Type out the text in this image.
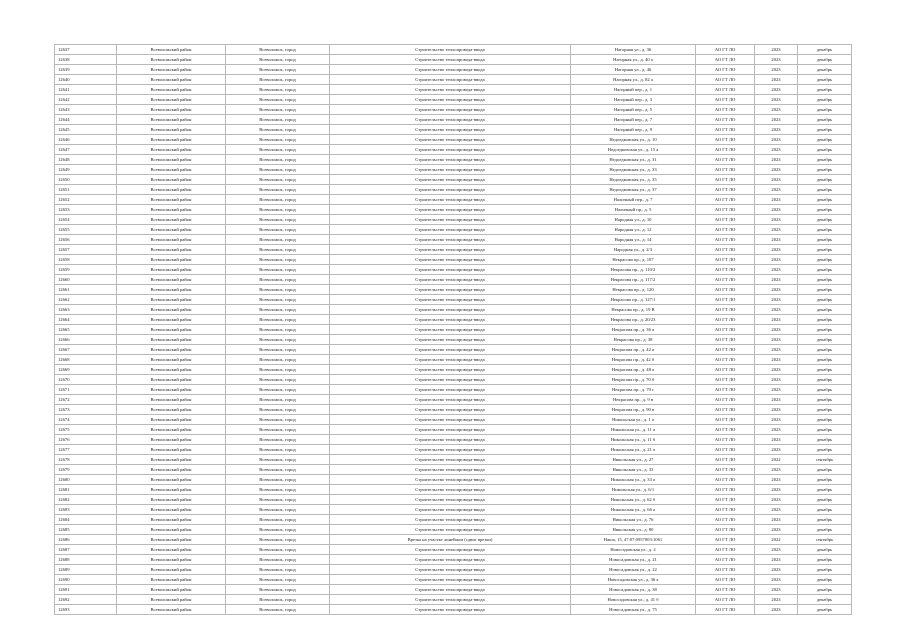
12637	Всеволожский район	Всеволожск, город	Строительство теплопровода-ввода	Нагорная ул., д. 36	АО ГТ ЛО	2023	декабрь
12638	Всеволожский район	Всеволожск, город	Строительство теплопровода-ввода	Нагорная ул., д. 40 а	АО ГТ ЛО	2023	декабрь
12639	Всеволожский район	Всеволожск, город	Строительство теплопровода-ввода	Нагорная ул., д. 46	АО ГТ ЛО	2023	декабрь
12640	Всеволожский район	Всеволожск, город	Строительство теплопровода-ввода	Нагорная ул., д. 82 а	АО ГТ ЛО	2023	декабрь
12641	Всеволожский район	Всеволожск, город	Строительство теплопровода-ввода	Нагорный пер., д. 1	АО ГТ ЛО	2023	декабрь
12642	Всеволожский район	Всеволожск, город	Строительство теплопровода-ввода	Нагорный пер., д. 3	АО ГТ ЛО	2023	декабрь
12643	Всеволожский район	Всеволожск, город	Строительство теплопровода-ввода	Нагорный пер., д. 5	АО ГТ ЛО	2023	декабрь
12644	Всеволожский район	Всеволожск, город	Строительство теплопровода-ввода	Нагорный пер., д. 7	АО ГТ ЛО	2023	декабрь
12645	Всеволожский район	Всеволожск, город	Строительство теплопровода-ввода	Нагорный пер., д. 9	АО ГТ ЛО	2023	декабрь
12646	Всеволожский район	Всеволожск, город	Строительство теплопровода-ввода	Недоедковская ул., д. 10	АО ГТ ЛО	2023	декабрь
12647	Всеволожский район	Всеволожск, город	Строительство теплопровода-ввода	Недоедковская ул., д. 15 а	АО ГТ ЛО	2023	декабрь
12648	Всеволожский район	Всеволожск, город	Строительство теплопровода-ввода	Недоедковская ул., д. 31	АО ГТ ЛО	2023	декабрь
12649	Всеволожский район	Всеволожск, город	Строительство теплопровода-ввода	Недоедковская ул., д. 33	АО ГТ ЛО	2023	декабрь
12650	Всеволожский район	Всеволожск, город	Строительство теплопровода-ввода	Недоедковская ул., д. 35	АО ГТ ЛО	2023	декабрь
12651	Всеволожский район	Всеволожск, город	Строительство теплопровода-ввода	Недоедковская ул., д. 37	АО ГТ ЛО	2023	декабрь
12652	Всеволожский район	Всеволожск, город	Строительство теплопровода-ввода	Наличный пер., д. 7	АО ГТ ЛО	2023	декабрь
12653	Всеволожский район	Всеволожск, город	Строительство теплопровода-ввода	Наличный пр., д. 5	АО ГТ ЛО	2023	декабрь
12654	Всеволожский район	Всеволожск, город	Строительство теплопровода-ввода	Народная ул., д. 10	АО ГТ ЛО	2023	декабрь
12655	Всеволожский район	Всеволожск, город	Строительство теплопровода-ввода	Народная ул., д. 12	АО ГТ ЛО	2023	декабрь
12656	Всеволожский район	Всеволожск, город	Строительство теплопровода-ввода	Народная ул., д. 14	АО ГТ ЛО	2023	декабрь
12657	Всеволожский район	Всеволожск, город	Строительство теплопровода-ввода	Народная ул., д. 2/3	АО ГТ ЛО	2023	декабрь
12658	Всеволожский район	Всеволожск, город	Строительство теплопровода-ввода	Некрасова пр., д. 107	АО ГТ ЛО	2023	декабрь
12659	Всеволожский район	Всеволожск, город	Строительство теплопровода-ввода	Некрасова пр., д. 110/2	АО ГТ ЛО	2023	декабрь
12660	Всеволожский район	Всеволожск, город	Строительство теплопровода-ввода	Некрасова пр., д. 117/2	АО ГТ ЛО	2023	декабрь
12661	Всеволожский район	Всеволожск, город	Строительство теплопровода-ввода	Некрасова пр., д. 120	АО ГТ ЛО	2023	декабрь
12662	Всеволожский район	Всеволожск, город	Строительство теплопровода-ввода	Некрасова пр., д. 127/1	АО ГТ ЛО	2023	декабрь
12663	Всеволожский район	Всеволожск, город	Строительство теплопровода-ввода	Некрасова пр., д. 19 В	АО ГТ ЛО	2023	декабрь
12664	Всеволожский район	Всеволожск, город	Строительство теплопровода-ввода	Некрасова пр., д. 20/23	АО ГТ ЛО	2023	декабрь
12665	Всеволожский район	Всеволожск, город	Строительство теплопровода-ввода	Некрасова пр., д. 36 а	АО ГТ ЛО	2023	декабрь
12666	Всеволожский район	Всеволожск, город	Строительство теплопровода-ввода	Некрасова пр., д. 38	АО ГТ ЛО	2023	декабрь
12667	Всеволожский район	Всеволожск, город	Строительство теплопровода-ввода	Некрасова пр., д. 42 а	АО ГТ ЛО	2023	декабрь
12668	Всеволожский район	Всеволожск, город	Строительство теплопровода-ввода	Некрасова пр., д. 42 б	АО ГТ ЛО	2023	декабрь
12669	Всеволожский район	Всеволожск, город	Строительство теплопровода-ввода	Некрасова пр., д. 48 а	АО ГТ ЛО	2023	декабрь
12670	Всеволожский район	Всеволожск, город	Строительство теплопровода-ввода	Некрасова пр., д. 70 б	АО ГТ ЛО	2023	декабрь
12671	Всеволожский район	Всеволожск, город	Строительство теплопровода-ввода	Некрасова пр., д. 70 г	АО ГТ ЛО	2023	декабрь
12672	Всеволожский район	Всеволожск, город	Строительство теплопровода-ввода	Некрасова пр., д. 9 в	АО ГТ ЛО	2023	декабрь
12673	Всеволожский район	Всеволожск, город	Строительство теплопровода-ввода	Некрасова пр., д. 90 в	АО ГТ ЛО	2023	декабрь
12674	Всеволожский район	Всеволожск, город	Строительство теплопровода-ввода	Никольская ул., д. 1 а	АО ГТ ЛО	2023	декабрь
12675	Всеволожский район	Всеволожск, город	Строительство теплопровода-ввода	Никольская ул., д. 11 а	АО ГТ ЛО	2023	декабрь
12676	Всеволожский район	Всеволожск, город	Строительство теплопровода-ввода	Никольская ул., д. 11 б	АО ГТ ЛО	2023	декабрь
12677	Всеволожский район	Всеволожск, город	Строительство теплопровода-ввода	Никольская ул., д. 21 а	АО ГТ ЛО	2023	декабрь
12678	Всеволожский район	Всеволожск, город	Строительство теплопровода-ввода	Никольская ул., д. 27	АО ГТ ЛО	2022	сентябрь
12679	Всеволожский район	Всеволожск, город	Строительство теплопровода-ввода	Никольская ул., д. 33	АО ГТ ЛО	2023	декабрь
12680	Всеволожский район	Всеволожск, город	Строительство теплопровода-ввода	Никольская ул., д. 33 а	АО ГТ ЛО	2023	декабрь
12681	Всеволожский район	Всеволожск, город	Строительство теплопровода-ввода	Никольская ул., д. 6/1	АО ГТ ЛО	2023	декабрь
12682	Всеволожский район	Всеволожск, город	Строительство теплопровода-ввода	Никольская ул., д. 62 б	АО ГТ ЛО	2023	декабрь
12683	Всеволожский район	Всеволожск, город	Строительство теплопровода-ввода	Никольская ул., д. 66 а	АО ГТ ЛО	2023	декабрь
12684	Всеволожский район	Всеволожск, город	Строительство теплопровода-ввода	Никольская ул., д. 76	АО ГТ ЛО	2023	декабрь
12685	Всеволожский район	Всеволожск, город	Строительство теплопровода-ввода	Никольская ул., д. 80	АО ГТ ЛО	2023	декабрь
12686	Всеволожский район	Всеволожск, город	Врезка на участке линейном (сдвиг врезки)	Наша, 15, 47:07:0957003:1061	АО ГТ ЛО	2022	сентябрь
12687	Всеволожский район	Всеволожск, город	Строительство теплопровода-ввода	Новосадовская ул., д. 2	АО ГТ ЛО	2023	декабрь
12688	Всеволожский район	Всеволожск, город	Строительство теплопровода-ввода	Новосадовская ул., д. 21	АО ГТ ЛО	2023	декабрь
12689	Всеволожский район	Всеволожск, город	Строительство теплопровода-ввода	Новосадовская ул., д. 22	АО ГТ ЛО	2023	декабрь
12690	Всеволожский район	Всеволожск, город	Строительство теплопровода-ввода	Новосадовская ул., д. 36 а	АО ГТ ЛО	2023	декабрь
12691	Всеволожский район	Всеволожск, город	Строительство теплопровода-ввода	Новосадовская ул., д. 38	АО ГТ ЛО	2023	декабрь
12692	Всеволожский район	Всеволожск, город	Строительство теплопровода-ввода	Новосадовская ул., д. 41 б	АО ГТ ЛО	2023	декабрь
12693	Всеволожский район	Всеволожск, город	Строительство теплопровода-ввода	Новосадовская ул., д. 75	АО ГТ ЛО	2023	декабрь
